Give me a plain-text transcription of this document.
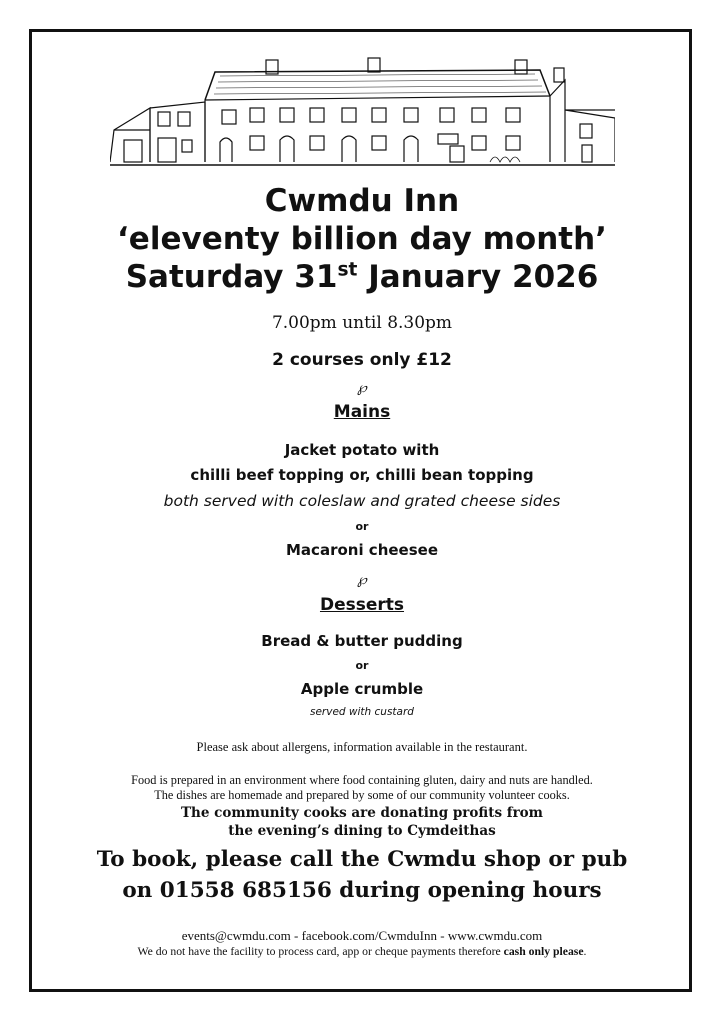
Cwmdu Inn
‘eleventy billion day month’
Saturday 31st January 2026
7.00pm until 8.30pm
2 courses only £12
℘
Mains
Jacket potato with
chilli beef topping or, chilli bean topping
both served with coleslaw and grated cheese sides
or
Macaroni cheesee
℘
Desserts
Bread & butter pudding
or
Apple crumble
served with custard
Please ask about allergens, information available in the restaurant.
Food is prepared in an environment where food containing gluten, dairy and nuts are handled.
The dishes are homemade and prepared by some of our community volunteer cooks.
The community cooks are donating profits from
the evening’s dining to Cymdeithas
To book, please call the Cwmdu shop or pub
on 01558 685156 during opening hours
events@cwmdu.com - facebook.com/CwmduInn - www.cwmdu.com
We do not have the facility to process card, app or cheque payments therefore cash only please.
